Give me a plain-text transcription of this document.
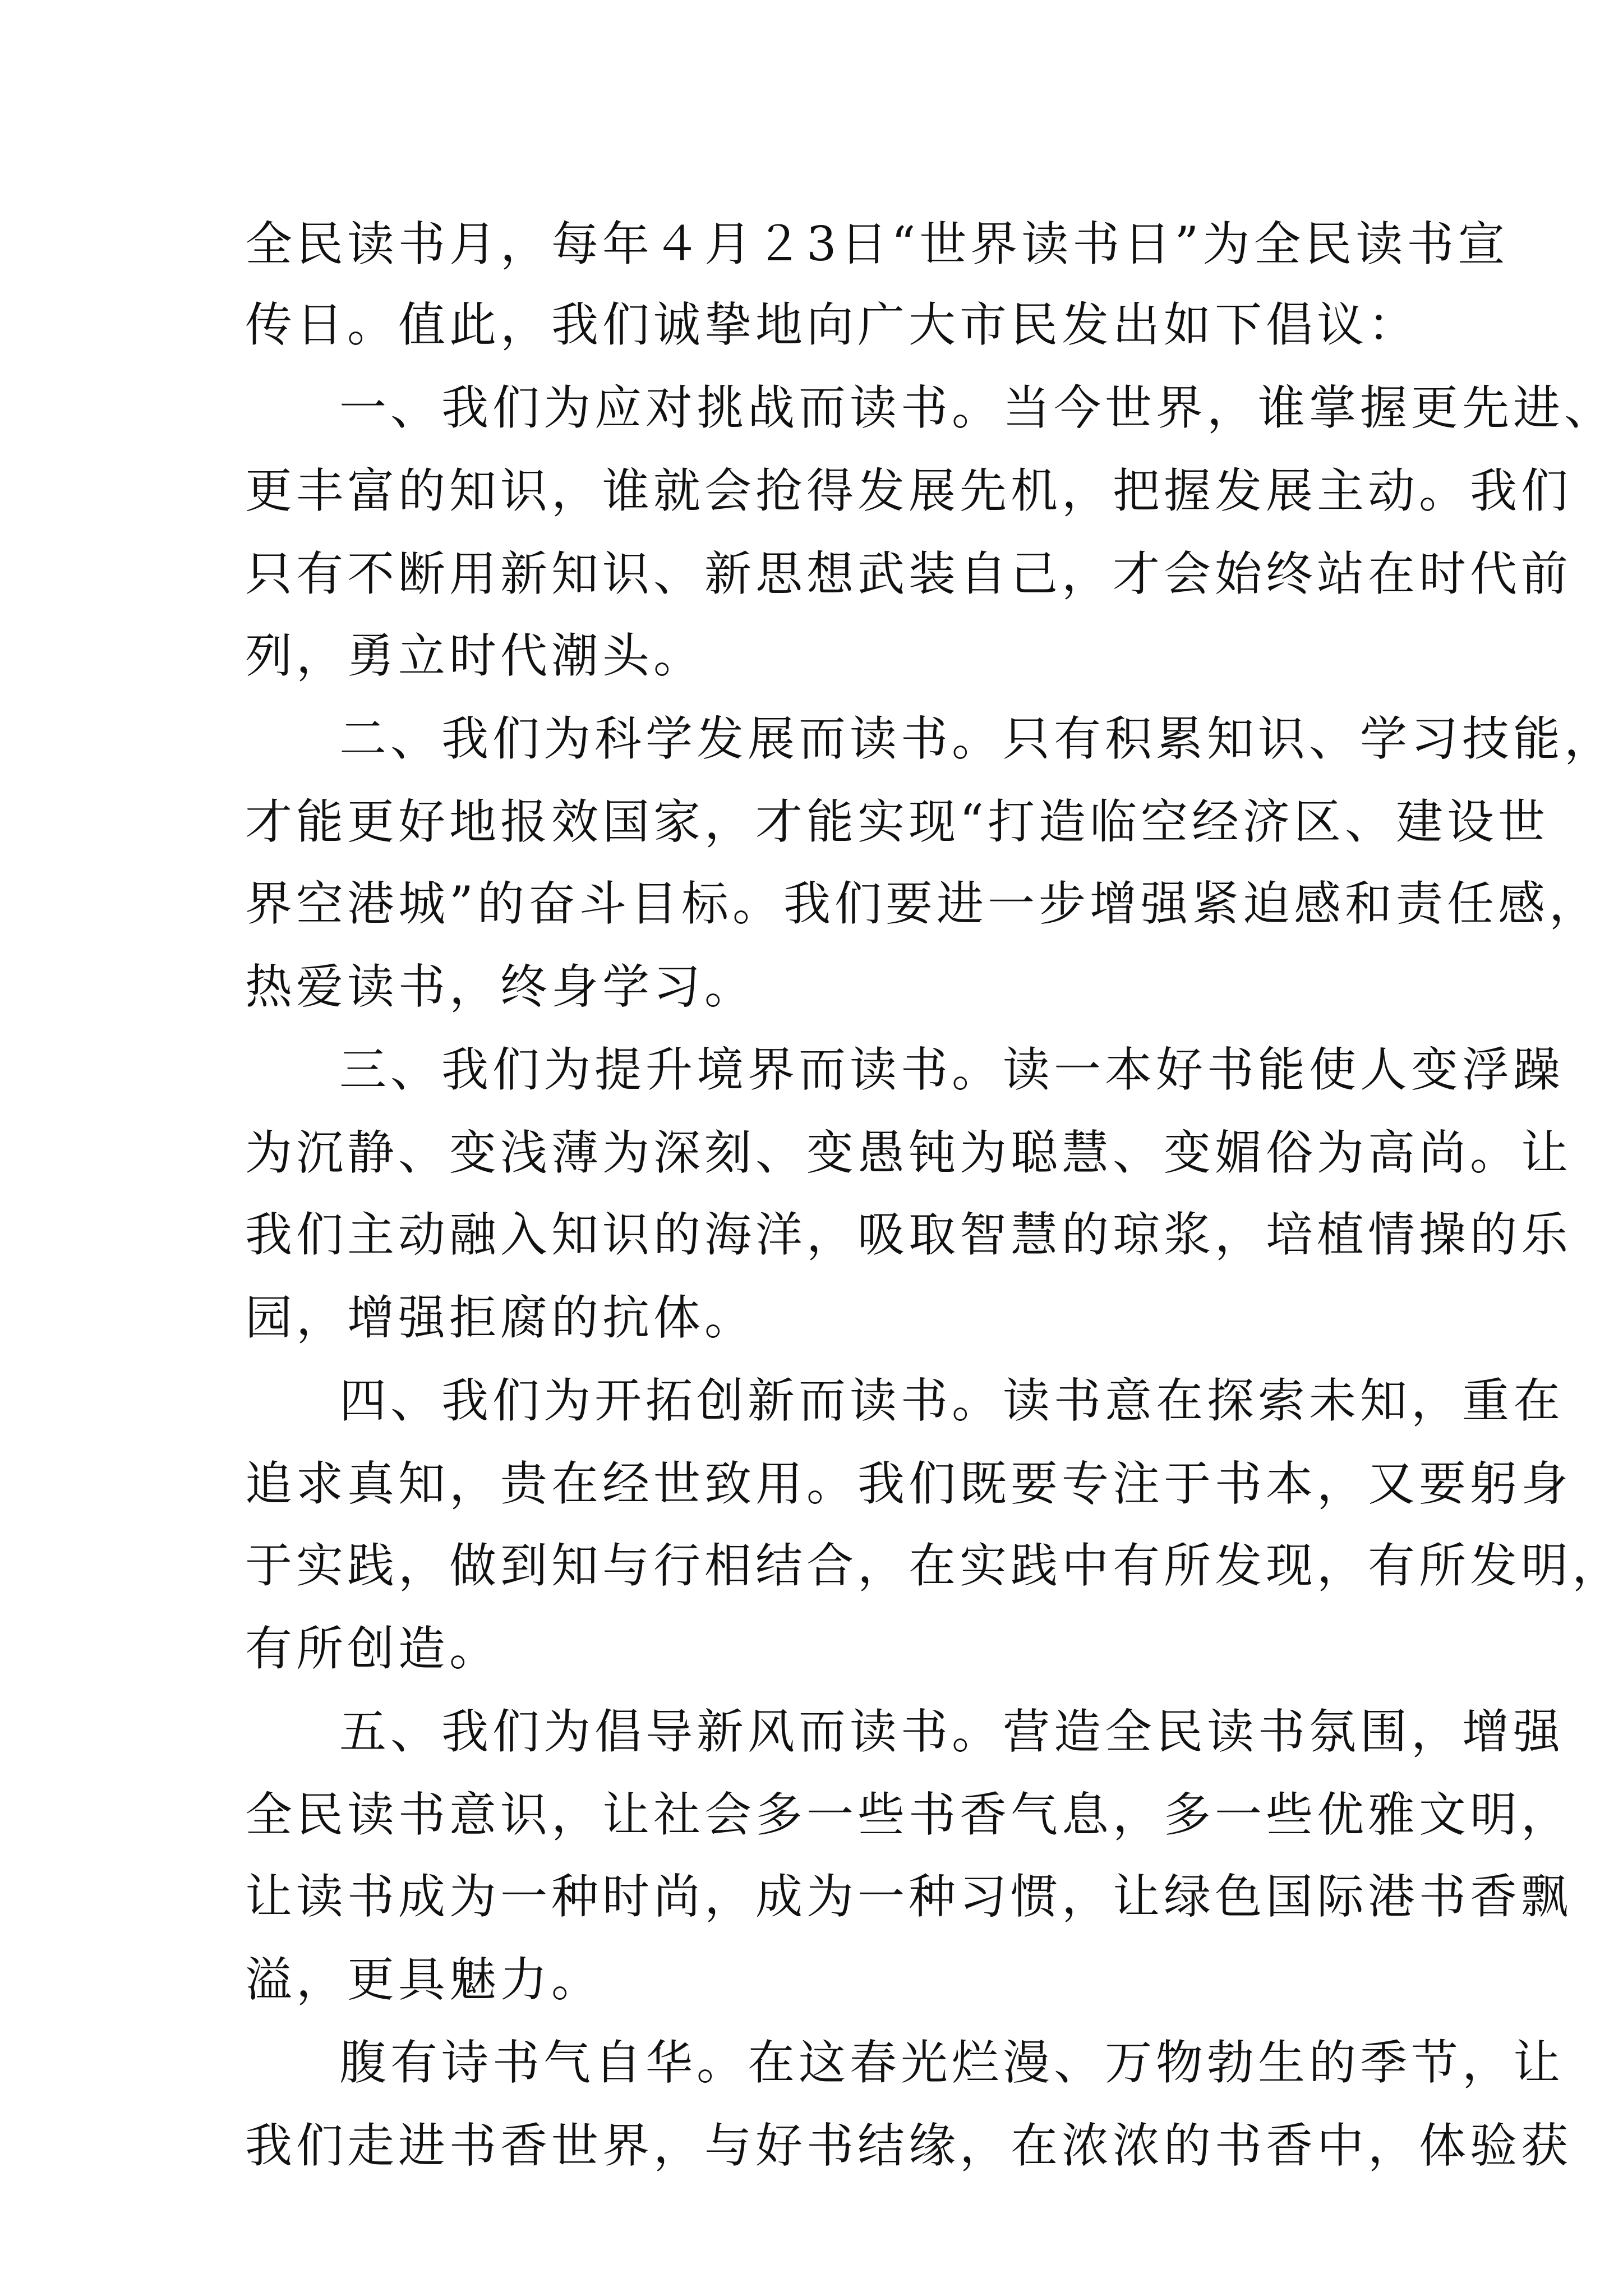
全民读书月，每年４月２3日“世界读书日”为全民读书宣
传日。值此，我们诚挚地向广大市民发出如下倡议：
一、我们为应对挑战而读书。当今世界，谁掌握更先进、
更丰富的知识，谁就会抢得发展先机，把握发展主动。我们
只有不断用新知识、新思想武装自己，才会始终站在时代前
列，勇立时代潮头。
二、我们为科学发展而读书。只有积累知识、学习技能，
才能更好地报效国家，才能实现“打造临空经济区、建设世
界空港城”的奋斗目标。我们要进一步增强紧迫感和责任感，
热爱读书，终身学习。
三、我们为提升境界而读书。读一本好书能使人变浮躁
为沉静、变浅薄为深刻、变愚钝为聪慧、变媚俗为高尚。让
我们主动融入知识的海洋，吸取智慧的琼浆，培植情操的乐
园，增强拒腐的抗体。
四、我们为开拓创新而读书。读书意在探索未知，重在
追求真知，贵在经世致用。我们既要专注于书本，又要躬身
于实践，做到知与行相结合，在实践中有所发现，有所发明，
有所创造。
五、我们为倡导新风而读书。营造全民读书氛围，增强
全民读书意识，让社会多一些书香气息，多一些优雅文明，
让读书成为一种时尚，成为一种习惯，让绿色国际港书香飘
溢，更具魅力。
腹有诗书气自华。在这春光烂漫、万物勃生的季节，让
我们走进书香世界，与好书结缘，在浓浓的书香中，体验获
